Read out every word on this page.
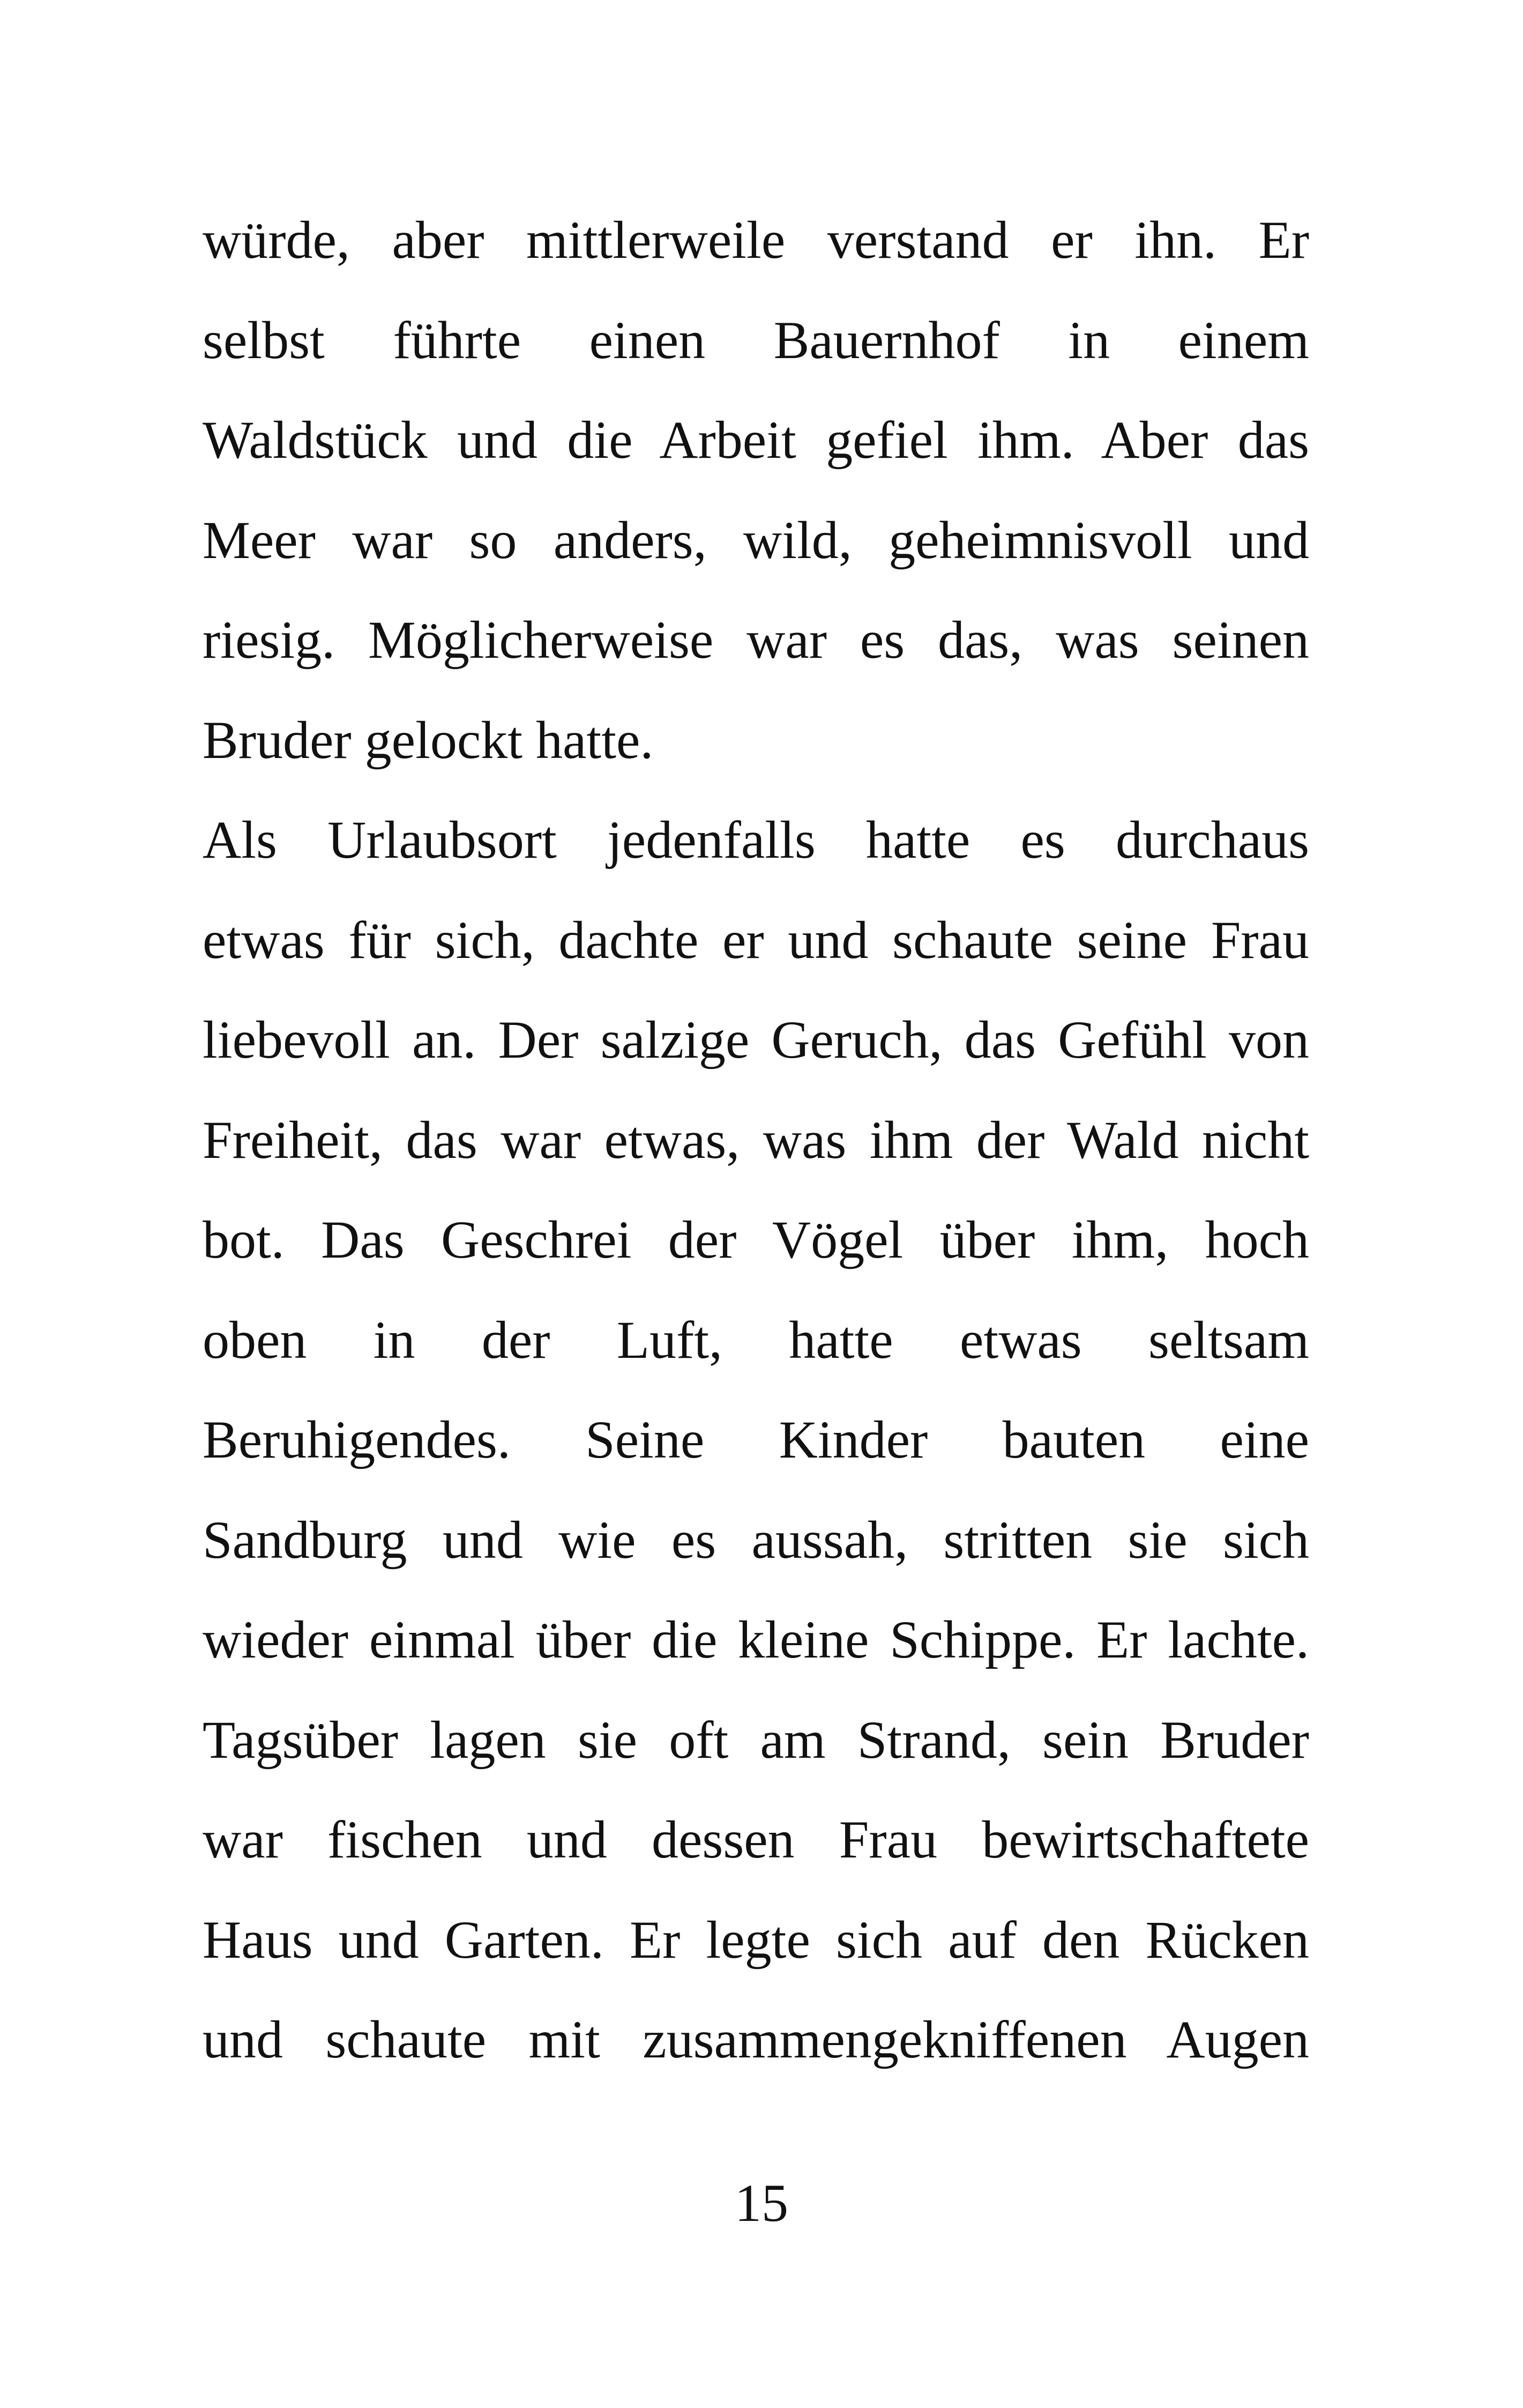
würde, aber mittlerweile verstand er ihn. Er
selbst führte einen Bauernhof in einem
Waldstück und die Arbeit gefiel ihm. Aber das
Meer war so anders, wild, geheimnisvoll und
riesig. Möglicherweise war es das, was seinen
Bruder gelockt hatte.
Als Urlaubsort jedenfalls hatte es durchaus
etwas für sich, dachte er und schaute seine Frau
liebevoll an. Der salzige Geruch, das Gefühl von
Freiheit, das war etwas, was ihm der Wald nicht
bot. Das Geschrei der Vögel über ihm, hoch
oben in der Luft, hatte etwas seltsam
Beruhigendes. Seine Kinder bauten eine
Sandburg und wie es aussah, stritten sie sich
wieder einmal über die kleine Schippe. Er lachte.
Tagsüber lagen sie oft am Strand, sein Bruder
war fischen und dessen Frau bewirtschaftete
Haus und Garten. Er legte sich auf den Rücken
und schaute mit zusammengekniffenen Augen
15
